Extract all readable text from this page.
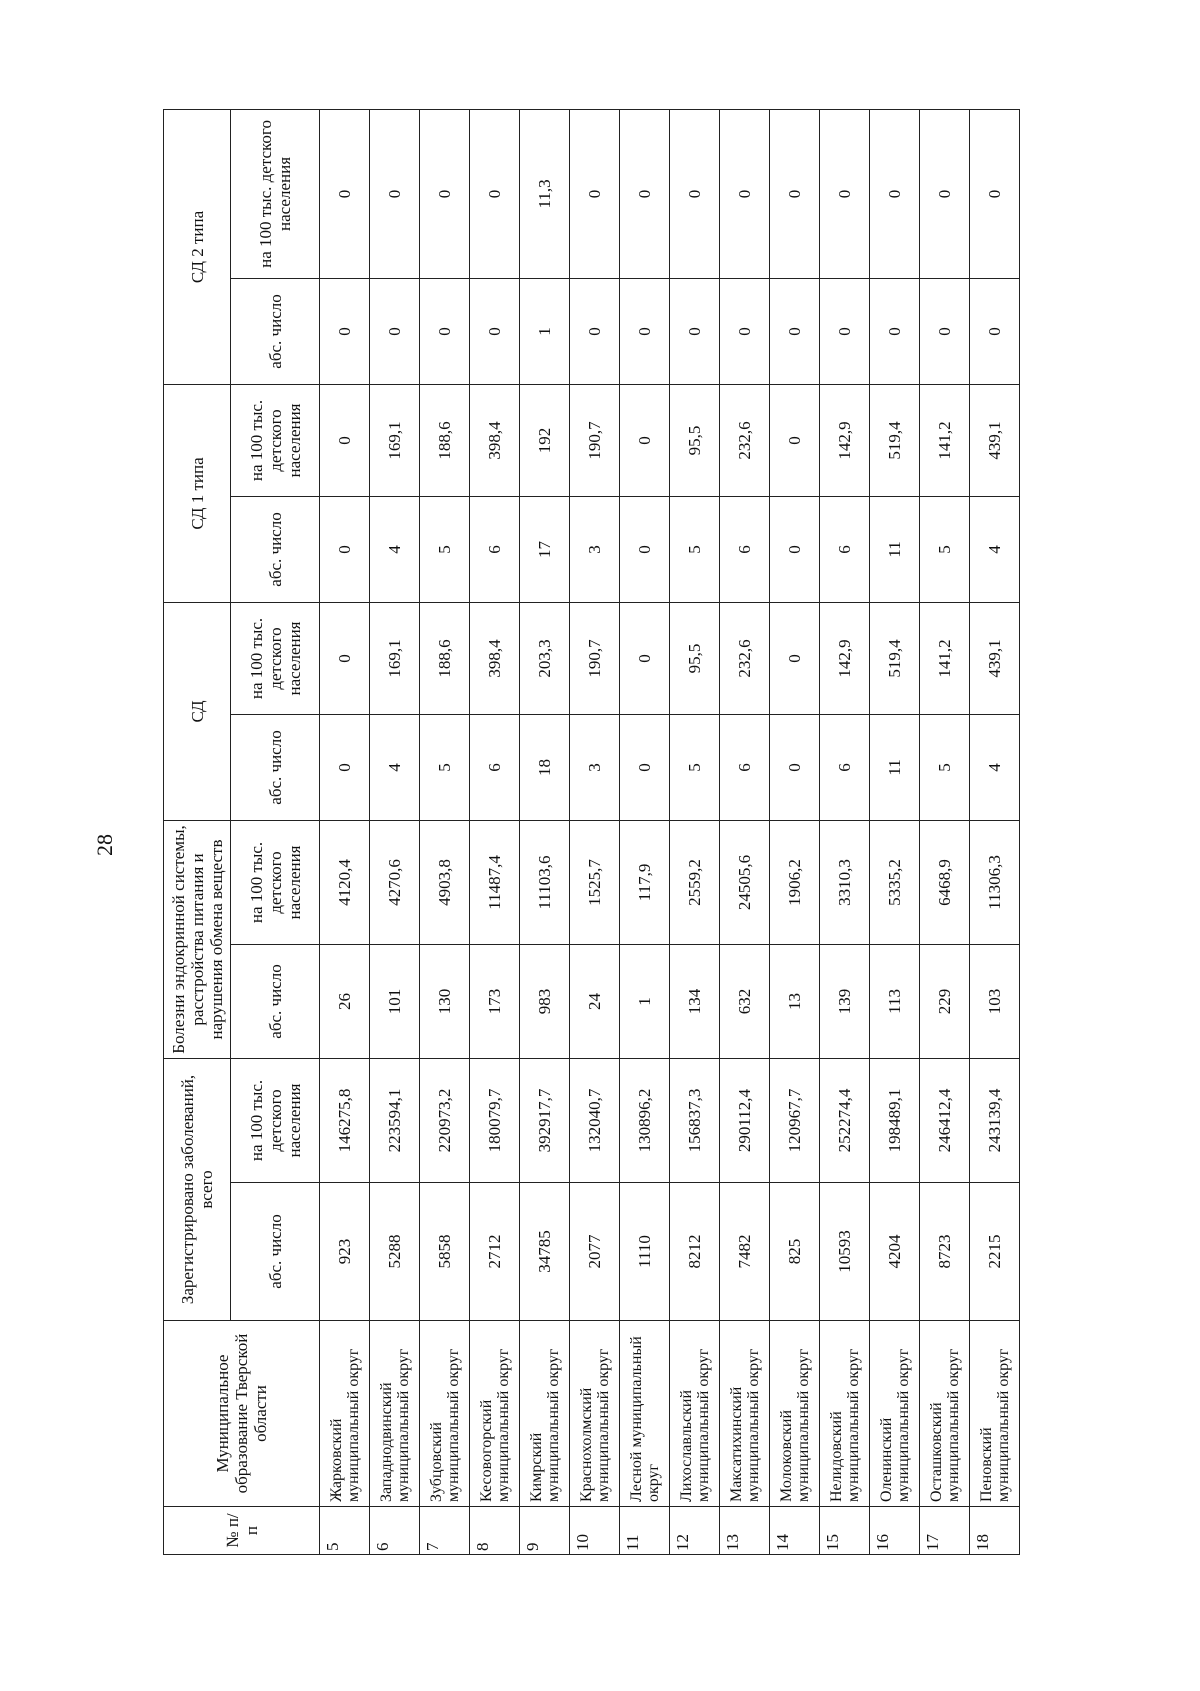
28
№ п/п	Муниципальное образование Тверской области	Зарегистрировано заболеваний, всего		Болезни эндокринной системы, расстройства питания и нарушения обмена веществ		СД		СД 1 типа		СД 2 типа	
		абс. число	на 100 тыс. детского населения	абс. число	на 100 тыс. детского населения	абс. число	на 100 тыс. детского населения	абс. число	на 100 тыс. детского населения	абс. число	на 100 тыс. детского населения
5	Жарковский муниципальный округ	923	146275,8	26	4120,4	0	0	0	0	0	0
6	Западнодвинский муниципальный округ	5288	223594,1	101	4270,6	4	169,1	4	169,1	0	0
7	Зубцовский муниципальный округ	5858	220973,2	130	4903,8	5	188,6	5	188,6	0	0
8	Кесовогорский муниципальный округ	2712	180079,7	173	11487,4	6	398,4	6	398,4	0	0
9	Кимрский муниципальный округ	34785	392917,7	983	11103,6	18	203,3	17	192	1	11,3
10	Краснохолмский муниципальный округ	2077	132040,7	24	1525,7	3	190,7	3	190,7	0	0
11	Лесной муниципальный округ	1110	130896,2	1	117,9	0	0	0	0	0	0
12	Лихославльский муниципальный округ	8212	156837,3	134	2559,2	5	95,5	5	95,5	0	0
13	Максатихинский муниципальный округ	7482	290112,4	632	24505,6	6	232,6	6	232,6	0	0
14	Молоковский муниципальный округ	825	120967,7	13	1906,2	0	0	0	0	0	0
15	Нелидовский муниципальный округ	10593	252274,4	139	3310,3	6	142,9	6	142,9	0	0
16	Оленинский муниципальный округ	4204	198489,1	113	5335,2	11	519,4	11	519,4	0	0
17	Осташковский муниципальный округ	8723	246412,4	229	6468,9	5	141,2	5	141,2	0	0
18	Пеновский муниципальный округ	2215	243139,4	103	11306,3	4	439,1	4	439,1	0	0
